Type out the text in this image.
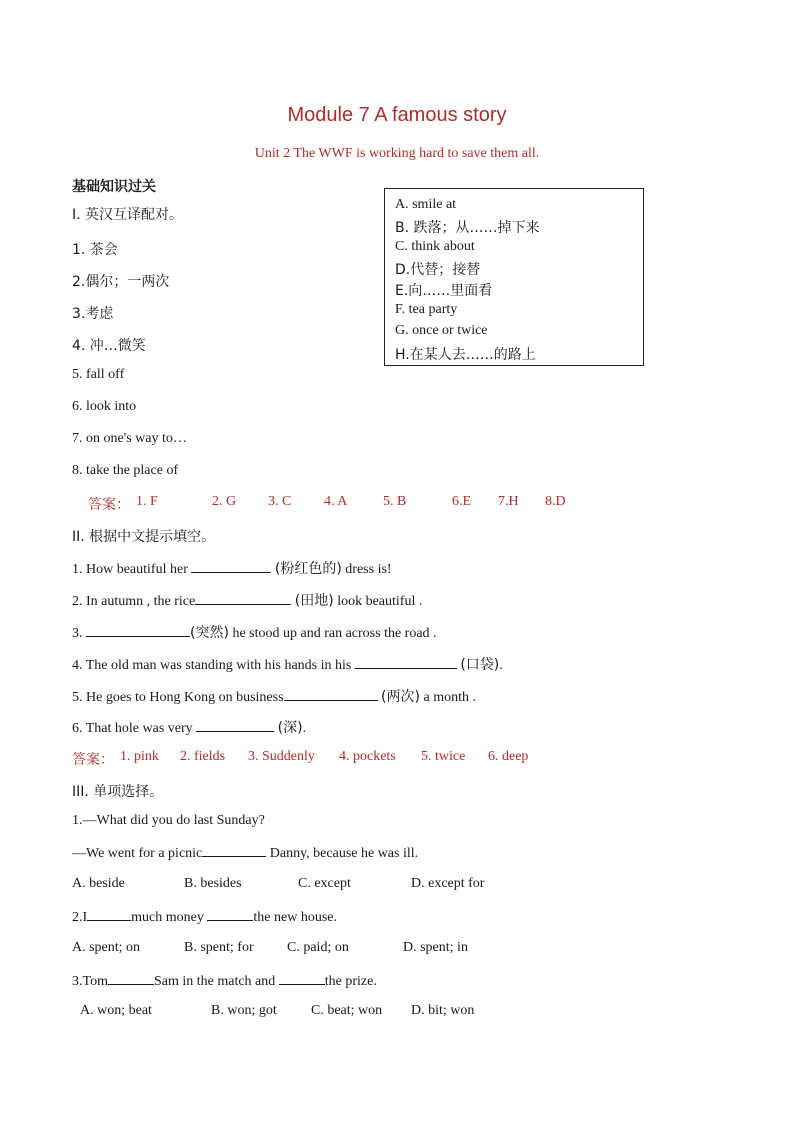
Module 7 A famous story
Unit 2 The WWF is working hard to save them all.
基础知识过关
I. 英汉互译配对。
1. 茶会
2.偶尔；一两次
3.考虑
4. 冲…微笑
5. fall off
6. look into
7. on one's way to…
8. take the place of
答案： 1. F	2. G 3. C 4. A	5. B	6.E 7.H 8.D
A. smile at
B. 跌落；从……掉下来
C. think about
D.代替；接替
E.向……里面看
F. tea party
G. once or twice
H.在某人去……的路上
II. 根据中文提示填空。
1. How beautiful her	(粉红色的) dress is!
2. In autumn , the rice	(田地) look beautiful .
3.	(突然) he stood up and ran across the road .
4. The old man was standing with his hands in his	(口袋).
5. He goes to Hong Kong on business	(两次) a month .
6. That hole was very	(深).
答案： 1. pink 2. fields 3. Suddenly 4. pockets 5. twice 6. deep
III. 单项选择。
1.—What did you do last Sunday?
—We went for a picnic	Danny, because he was ill.
A. beside	B. besides	C. except	D. except for
2.I	much money	the new house.
A. spent; on	B. spent; for C. paid; on	D. spent; in
3.Tom	Sam in the match and	the prize.
A. won; beat	B. won; got C. beat; won D. bit; won
